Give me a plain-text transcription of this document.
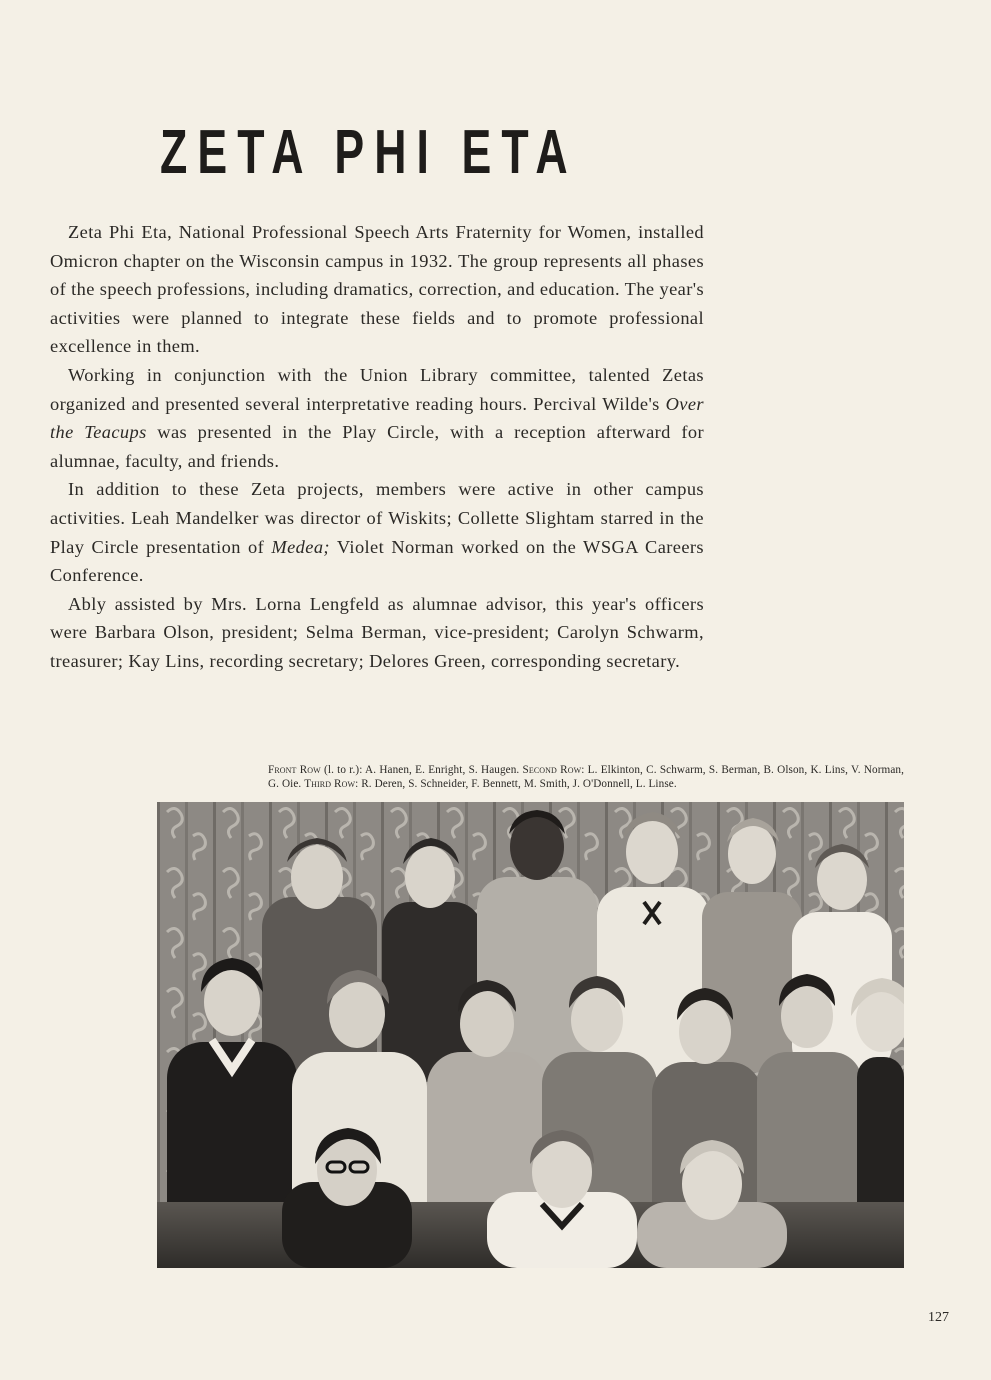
ZETA PHI ETA

Zeta Phi Eta, National Professional Speech Arts Fraternity for Women, installed Omicron chapter on the Wisconsin campus in 1932. The group represents all phases of the speech professions, including dramatics, correction, and education. The year's activities were planned to integrate these fields and to promote professional excellence in them.

Working in conjunction with the Union Library committee, talented Zetas organized and presented several interpretative reading hours. Percival Wilde's Over the Teacups was presented in the Play Circle, with a reception afterward for alumnae, faculty, and friends.

In addition to these Zeta projects, members were active in other campus activities. Leah Mandelker was director of Wiskits; Collette Slightam starred in the Play Circle presentation of Medea; Violet Norman worked on the WSGA Careers Conference.

Ably assisted by Mrs. Lorna Lengfeld as alumnae advisor, this year's officers were Barbara Olson, president; Selma Berman, vice-president; Carolyn Schwarm, treasurer; Kay Lins, recording secretary; Delores Green, corresponding secretary.

Front Row (l. to r.): A. Hanen, E. Enright, S. Haugen. Second Row: L. Elkinton, C. Schwarm, S. Berman, B. Olson, K. Lins, V. Norman, G. Oie. Third Row: R. Deren, S. Schneider, F. Bennett, M. Smith, J. O'Donnell, L. Linse.
127
